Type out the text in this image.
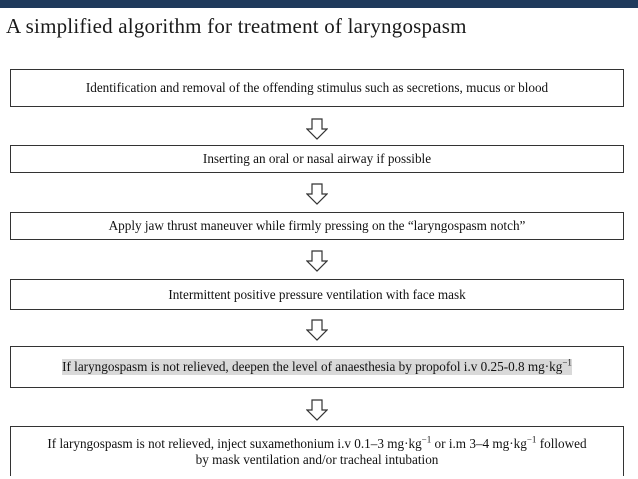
A simplified algorithm for treatment of laryngospasm
Identification and removal of the offending stimulus such as secretions, mucus or blood
Inserting an oral or nasal airway if possible
Apply jaw thrust maneuver while firmly pressing on the “laryngospasm notch”
Intermittent positive pressure ventilation with face mask
If laryngospasm is not relieved, deepen the level of anaesthesia by propofol i.v 0.25-0.8 $mg\cdot kg^{-1}$
If laryngospasm is not relieved, inject suxamethonium i.v 0.1–3 $mg\cdot kg^{-1}$ or i.m 3–4 $mg\cdot kg^{-1}$ followed by mask ventilation and/or tracheal intubation
